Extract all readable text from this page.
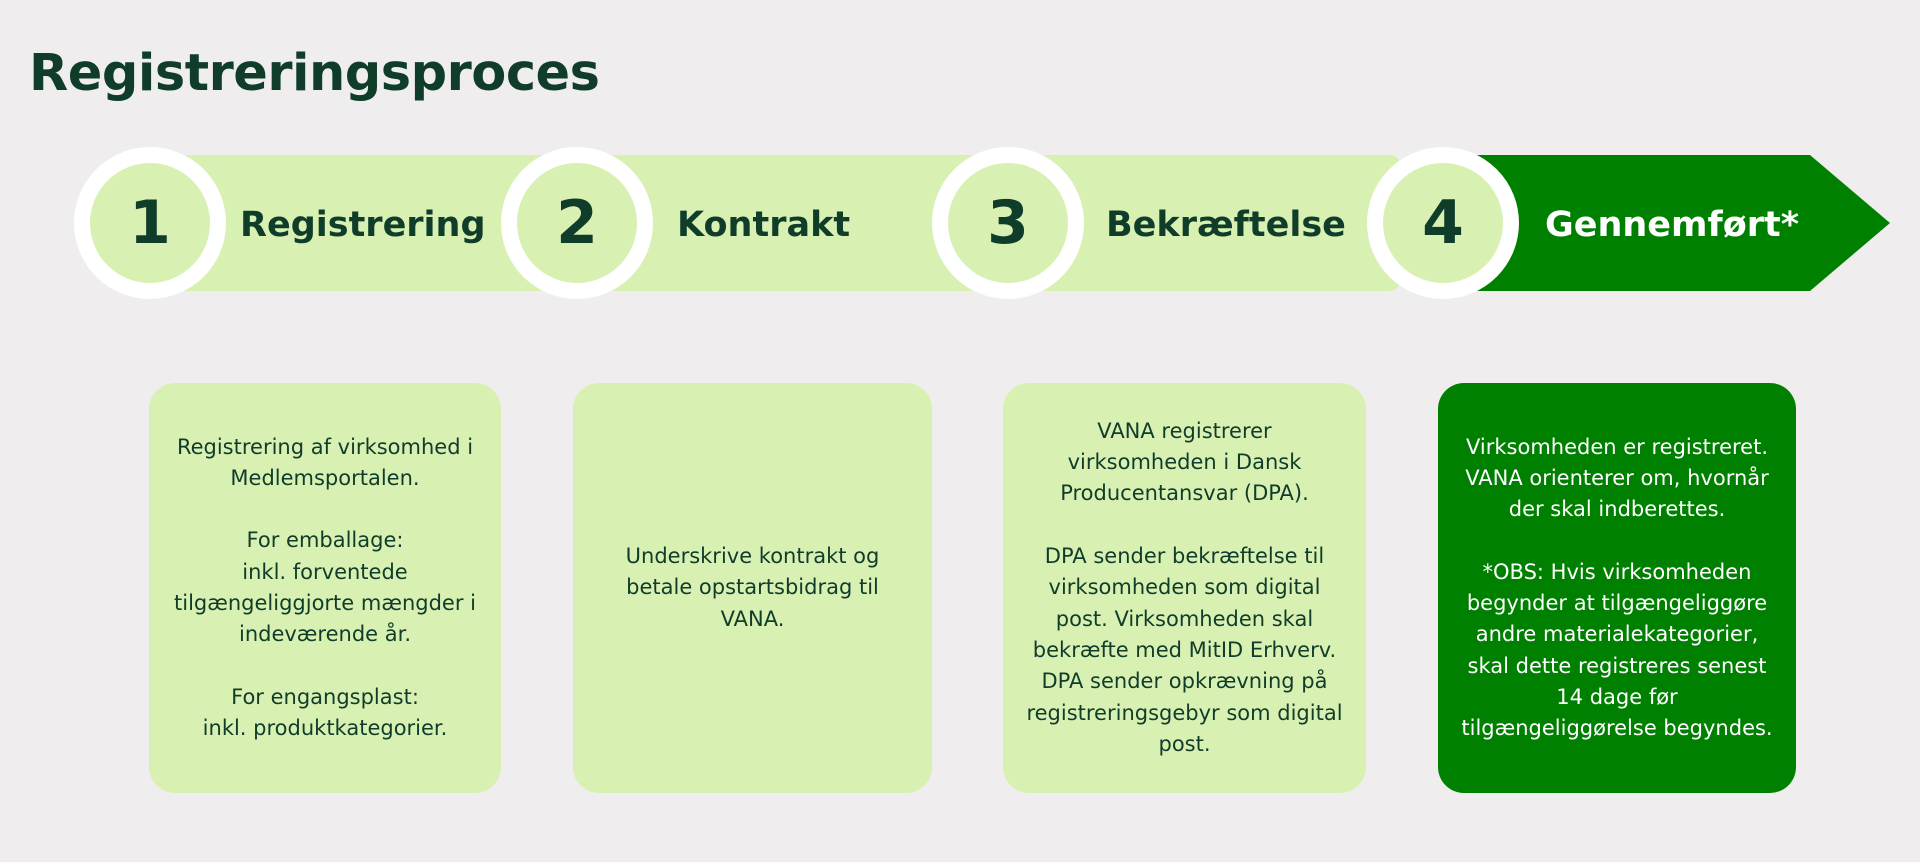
Registreringsproces
1	2	3	4
Registrering	Kontrakt	Bekræftelse	Gennemført*
Registrering af virksomhed i Medlemsportalen.

For emballage:
inkl. forventede tilgængeliggjorte mængder i indeværende år.

For engangsplast:
inkl. produktkategorier.
Underskrive kontrakt og betale opstartsbidrag til VANA.
VANA registrerer virksomheden i Dansk Producentansvar (DPA).

DPA sender bekræftelse til virksomheden som digital post. Virksomheden skal bekræfte med MitID Erhverv. DPA sender opkrævning på registreringsgebyr som digital post.
Virksomheden er registreret. VANA orienterer om, hvornår der skal indberettes.

*OBS: Hvis virksomheden begynder at tilgængeliggøre andre materialekategorier, skal dette registreres senest 14 dage før tilgængeliggørelse begyndes.
